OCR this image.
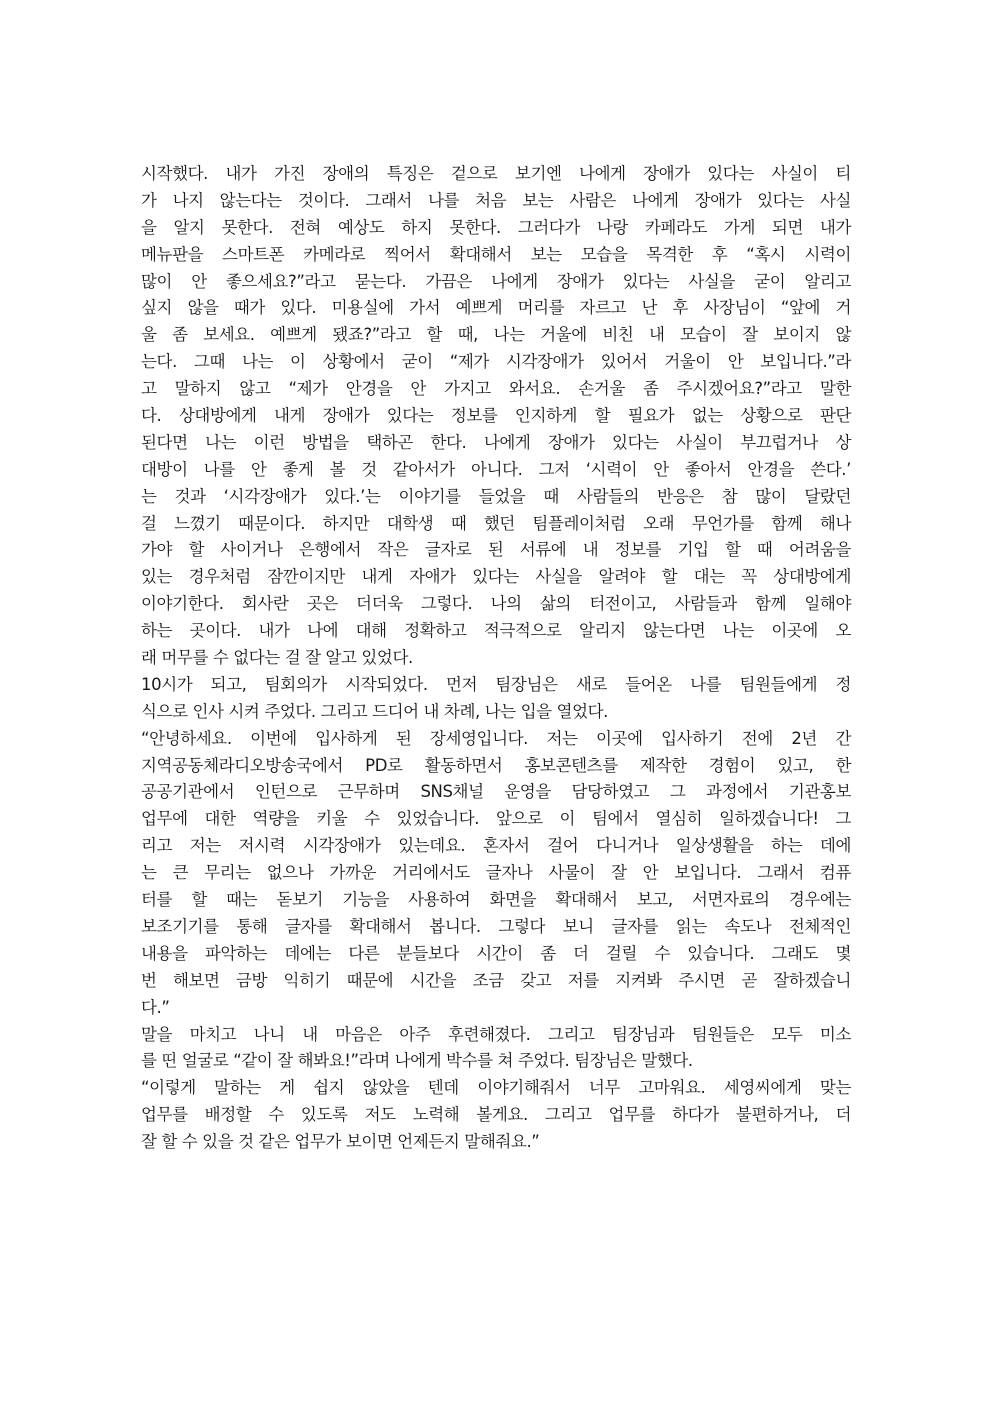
시작했다. 내가 가진 장애의 특징은 겉으로 보기엔 나에게 장애가 있다는 사실이 티
가 나지 않는다는 것이다. 그래서 나를 처음 보는 사람은 나에게 장애가 있다는 사실
을 알지 못한다. 전혀 예상도 하지 못한다. 그러다가 나랑 카페라도 가게 되면 내가
메뉴판을 스마트폰 카메라로 찍어서 확대해서 보는 모습을 목격한 후 “혹시 시력이
많이 안 좋으세요?”라고 묻는다. 가끔은 나에게 장애가 있다는 사실을 굳이 알리고
싶지 않을 때가 있다. 미용실에 가서 예쁘게 머리를 자르고 난 후 사장님이 “앞에 거
울 좀 보세요. 예쁘게 됐죠?”라고 할 때, 나는 거울에 비친 내 모습이 잘 보이지 않
는다. 그때 나는 이 상황에서 굳이 “제가 시각장애가 있어서 거울이 안 보입니다.”라
고 말하지 않고 “제가 안경을 안 가지고 와서요. 손거울 좀 주시겠어요?”라고 말한
다. 상대방에게 내게 장애가 있다는 정보를 인지하게 할 필요가 없는 상황으로 판단
된다면 나는 이런 방법을 택하곤 한다. 나에게 장애가 있다는 사실이 부끄럽거나 상
대방이 나를 안 좋게 볼 것 같아서가 아니다. 그저 ‘시력이 안 좋아서 안경을 쓴다.’
는 것과 ‘시각장애가 있다.’는 이야기를 들었을 때 사람들의 반응은 참 많이 달랐던
걸 느꼈기 때문이다. 하지만 대학생 때 했던 팀플레이처럼 오래 무언가를 함께 해나
가야 할 사이거나 은행에서 작은 글자로 된 서류에 내 정보를 기입 할 때 어려움을
있는 경우처럼 잠깐이지만 내게 자애가 있다는 사실을 알려야 할 대는 꼭 상대방에게
이야기한다. 회사란 곳은 더더욱 그렇다. 나의 삶의 터전이고, 사람들과 함께 일해야
하는 곳이다. 내가 나에 대해 정확하고 적극적으로 알리지 않는다면 나는 이곳에 오
래 머무를 수 없다는 걸 잘 알고 있었다.
10시가 되고, 팀회의가 시작되었다. 먼저 팀장님은 새로 들어온 나를 팀원들에게 정
식으로 인사 시켜 주었다. 그리고 드디어 내 차례, 나는 입을 열었다.
“안녕하세요. 이번에 입사하게 된 장세영입니다. 저는 이곳에 입사하기 전에 2년 간
지역공동체라디오방송국에서 PD로 활동하면서 홍보콘텐츠를 제작한 경험이 있고, 한
공공기관에서 인턴으로 근무하며 SNS채널 운영을 담당하였고 그 과정에서 기관홍보
업무에 대한 역량을 키울 수 있었습니다. 앞으로 이 팀에서 열심히 일하겠습니다! 그
리고 저는 저시력 시각장애가 있는데요. 혼자서 걸어 다니거나 일상생활을 하는 데에
는 큰 무리는 없으나 가까운 거리에서도 글자나 사물이 잘 안 보입니다. 그래서 컴퓨
터를 할 때는 돋보기 기능을 사용하여 화면을 확대해서 보고, 서면자료의 경우에는
보조기기를 통해 글자를 확대해서 봅니다. 그렇다 보니 글자를 읽는 속도나 전체적인
내용을 파악하는 데에는 다른 분들보다 시간이 좀 더 걸릴 수 있습니다. 그래도 몇
번 해보면 금방 익히기 때문에 시간을 조금 갖고 저를 지켜봐 주시면 곧 잘하겠습니
다.”
말을 마치고 나니 내 마음은 아주 후련해졌다. 그리고 팀장님과 팀원들은 모두 미소
를 띤 얼굴로 “같이 잘 해봐요!”라며 나에게 박수를 쳐 주었다. 팀장님은 말했다.
“이렇게 말하는 게 쉽지 않았을 텐데 이야기해줘서 너무 고마워요. 세영씨에게 맞는
업무를 배정할 수 있도록 저도 노력해 볼게요. 그리고 업무를 하다가 불편하거나, 더
잘 할 수 있을 것 같은 업무가 보이면 언제든지 말해줘요.”
